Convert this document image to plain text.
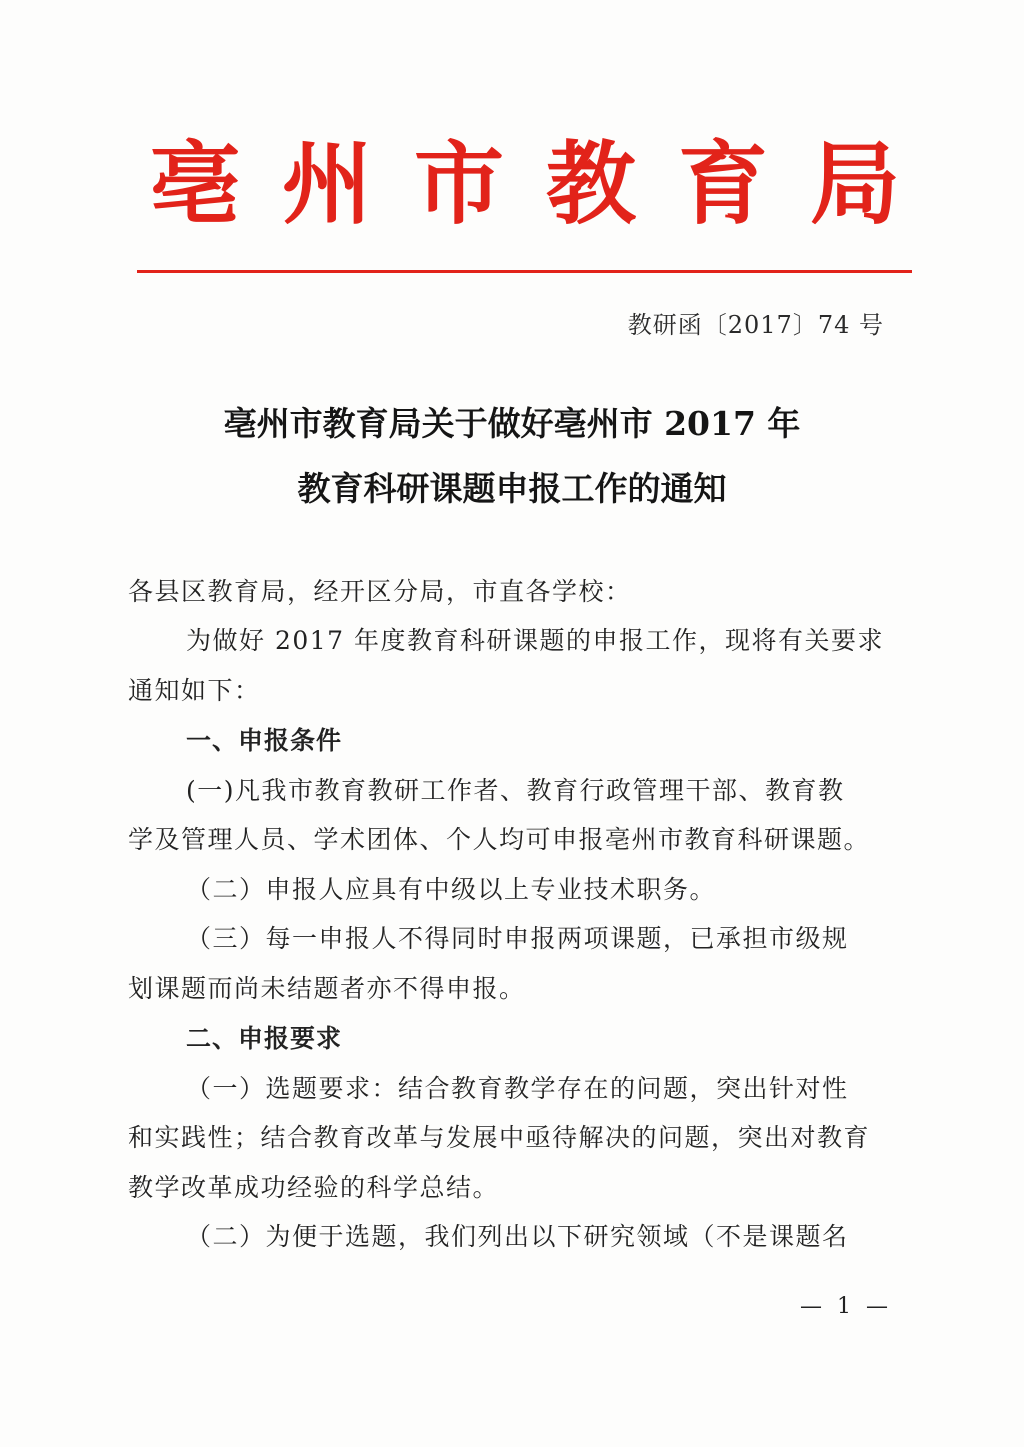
亳 州 市 教 育 局
教研函〔2017〕74 号
亳州市教育局关于做好亳州市 2017 年
教育科研课题申报工作的通知
各县区教育局，经开区分局，市直各学校：
为做好 2017 年度教育科研课题的申报工作，现将有关要求
通知如下：
一、申报条件
(一)凡我市教育教研工作者、教育行政管理干部、教育教
学及管理人员、学术团体、个人均可申报亳州市教育科研课题。
（二）申报人应具有中级以上专业技术职务。
（三）每一申报人不得同时申报两项课题，已承担市级规
划课题而尚未结题者亦不得申报。
二、申报要求
（一）选题要求：结合教育教学存在的问题，突出针对性
和实践性；结合教育改革与发展中亟待解决的问题，突出对教育
教学改革成功经验的科学总结。
（二）为便于选题，我们列出以下研究领域（不是课题名
— 1 —
